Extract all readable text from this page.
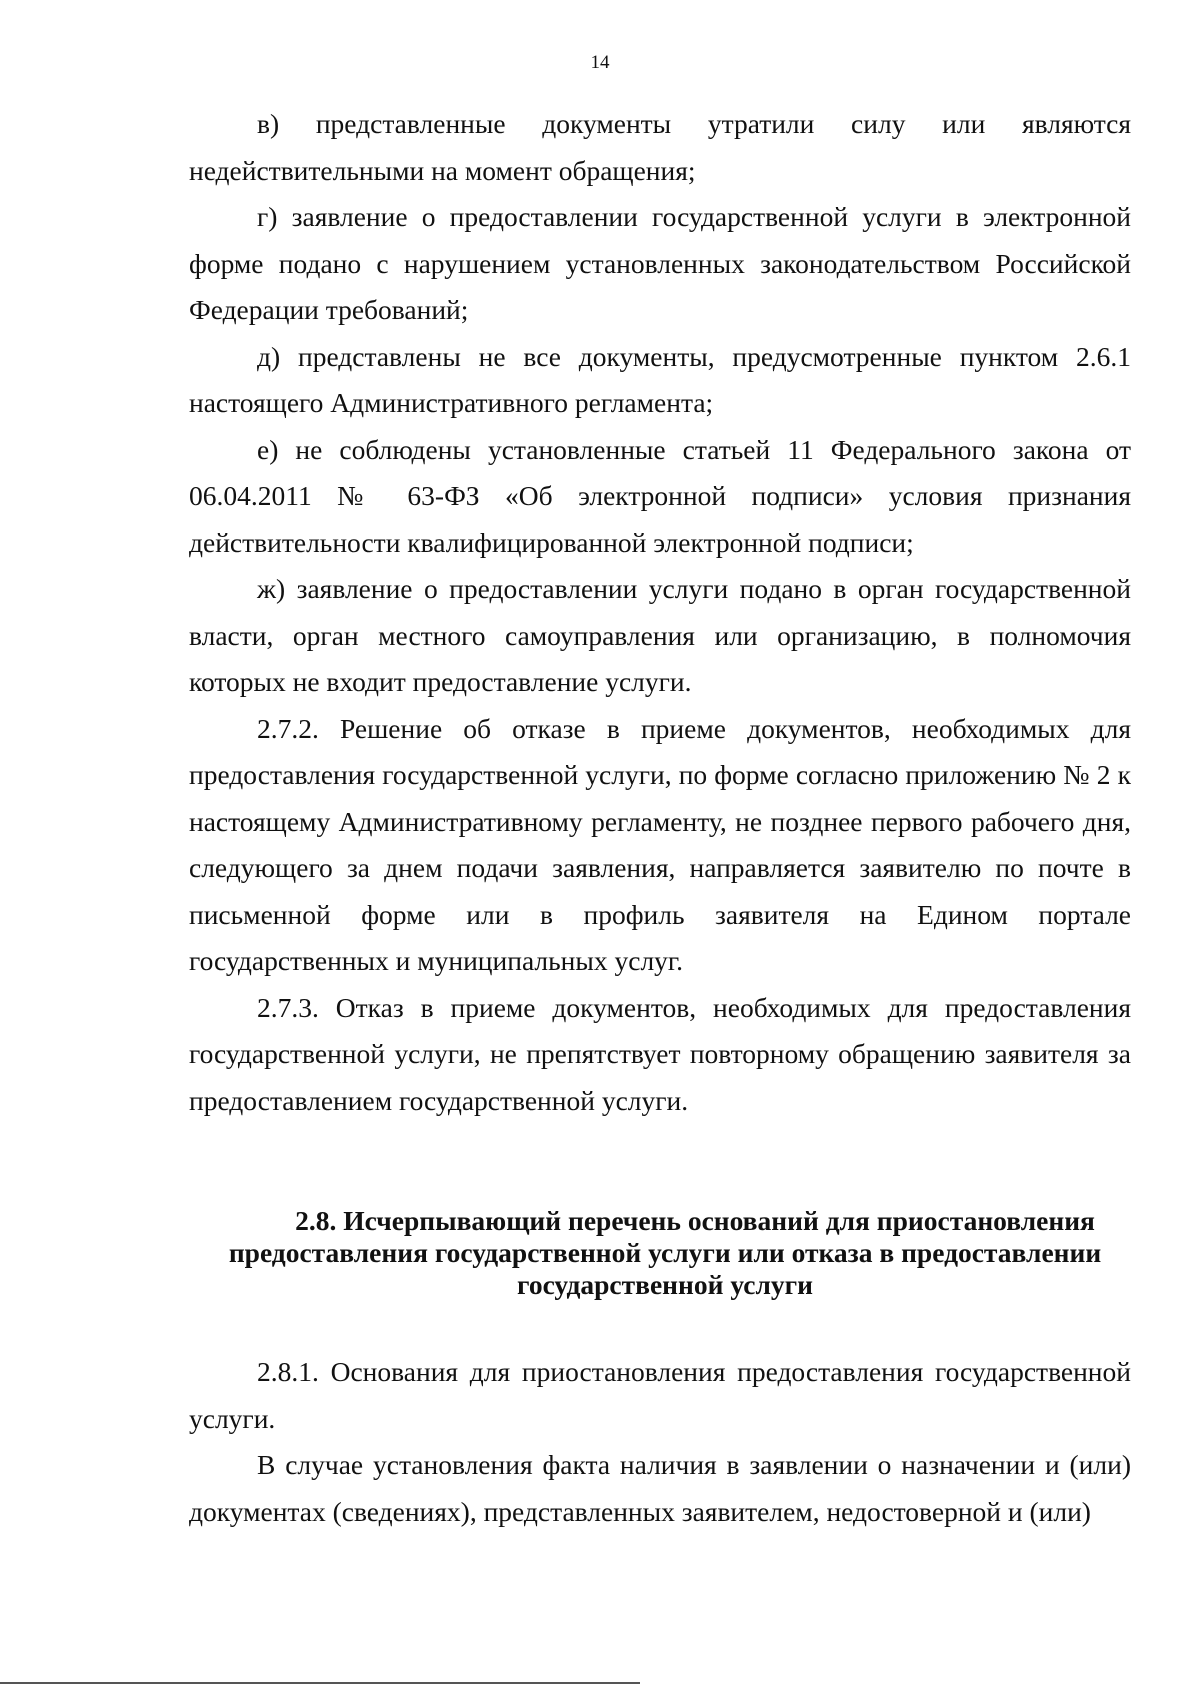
14

в) представленные документы утратили силу или являются недействительными на момент обращения;

г) заявление о предоставлении государственной услуги в электронной форме подано с нарушением установленных законодательством Российской Федерации требований;

д) представлены не все документы, предусмотренные пунктом 2.6.1 настоящего Административного регламента;

е) не соблюдены установленные статьей 11 Федерального закона от 06.04.2011 № 63-ФЗ «Об электронной подписи» условия признания действительности квалифицированной электронной подписи;

ж) заявление о предоставлении услуги подано в орган государственной власти, орган местного самоуправления или организацию, в полномочия которых не входит предоставление услуги.

2.7.2. Решение об отказе в приеме документов, необходимых для предоставления государственной услуги, по форме согласно приложению № 2 к настоящему Административному регламенту, не позднее первого рабочего дня, следующего за днем подачи заявления, направляется заявителю по почте в письменной форме или в профиль заявителя на Едином портале государственных и муниципальных услуг.

2.7.3. Отказ в приеме документов, необходимых для предоставления государственной услуги, не препятствует повторному обращению заявителя за предоставлением государственной услуги.

2.8. Исчерпывающий перечень оснований для приостановления
предоставления государственной услуги или отказа в предоставлении
государственной услуги

2.8.1. Основания для приостановления предоставления государственной услуги.

В случае установления факта наличия в заявлении о назначении и (или) документах (сведениях), представленных заявителем, недостоверной и (или)
